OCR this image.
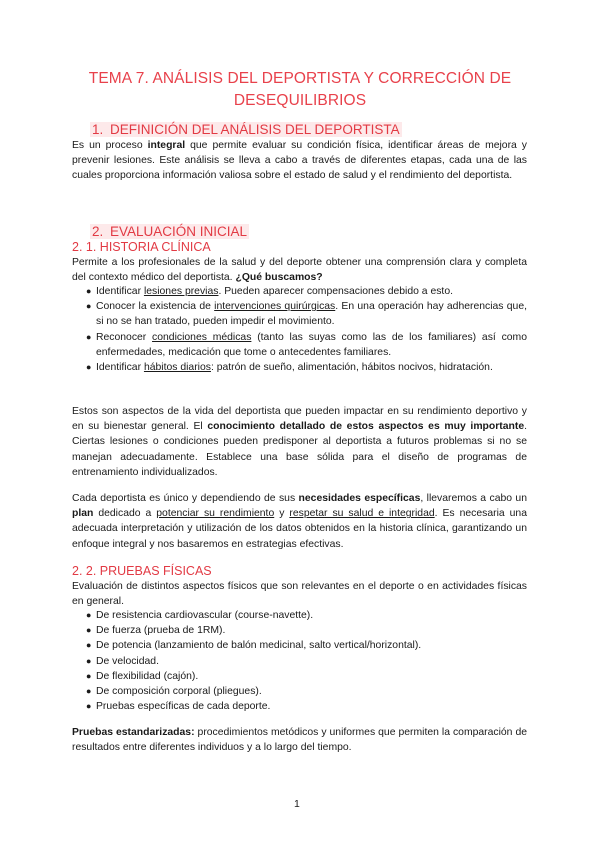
TEMA 7. ANÁLISIS DEL DEPORTISTA Y CORRECCIÓN DE DESEQUILIBRIOS
1. DEFINICIÓN DEL ANÁLISIS DEL DEPORTISTA
Es un proceso integral que permite evaluar su condición física, identificar áreas de mejora y prevenir lesiones. Este análisis se lleva a cabo a través de diferentes etapas, cada una de las cuales proporciona información valiosa sobre el estado de salud y el rendimiento del deportista.
2. EVALUACIÓN INICIAL
2. 1. HISTORIA CLÍNICA
Permite a los profesionales de la salud y del deporte obtener una comprensión clara y completa del contexto médico del deportista. ¿Qué buscamos?
● Identificar lesiones previas. Pueden aparecer compensaciones debido a esto.
● Conocer la existencia de intervenciones quirúrgicas. En una operación hay adherencias que, si no se han tratado, pueden impedir el movimiento.
● Reconocer condiciones médicas (tanto las suyas como las de los familiares) así como enfermedades, medicación que tome o antecedentes familiares.
● Identificar hábitos diarios: patrón de sueño, alimentación, hábitos nocivos, hidratación.
Estos son aspectos de la vida del deportista que pueden impactar en su rendimiento deportivo y en su bienestar general. El conocimiento detallado de estos aspectos es muy importante. Ciertas lesiones o condiciones pueden predisponer al deportista a futuros problemas si no se manejan adecuadamente. Establece una base sólida para el diseño de programas de entrenamiento individualizados.
Cada deportista es único y dependiendo de sus necesidades específicas, llevaremos a cabo un plan dedicado a potenciar su rendimiento y respetar su salud e integridad. Es necesaria una adecuada interpretación y utilización de los datos obtenidos en la historia clínica, garantizando un enfoque integral y nos basaremos en estrategias efectivas.
2. 2. PRUEBAS FÍSICAS
Evaluación de distintos aspectos físicos que son relevantes en el deporte o en actividades físicas en general.
● De resistencia cardiovascular (course-navette).
● De fuerza (prueba de 1RM).
● De potencia (lanzamiento de balón medicinal, salto vertical/horizontal).
● De velocidad.
● De flexibilidad (cajón).
● De composición corporal (pliegues).
● Pruebas específicas de cada deporte.
Pruebas estandarizadas: procedimientos metódicos y uniformes que permiten la comparación de resultados entre diferentes individuos y a lo largo del tiempo.
1
